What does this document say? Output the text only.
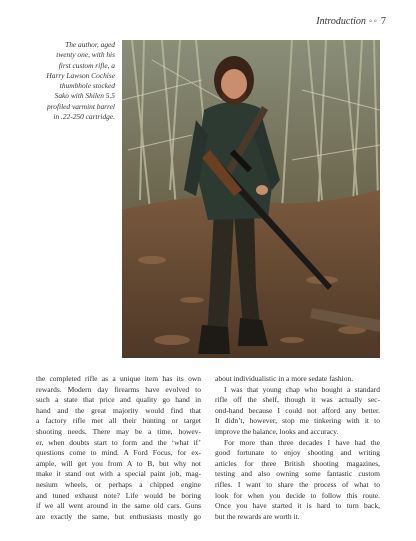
Introduction ◦◦ 7
The author, aged
twenty one, with his
first custom rifle, a
Harry Lawson Cochise
thumbhole stocked
Sako with Shilen 5.5
profiled varmint barrel
in .22-250 cartridge.
the completed rifle as a unique item has its own
rewards. Modern day firearms have evolved to
such a state that price and quality go hand in
hand and the great majority would find that
a factory rifle met all their hunting or target
shooting needs. There may be a time, howev-
er, when doubts start to form and the ‘what if’
questions come to mind. A Ford Focus, for ex-
ample, will get you from A to B, but why not
make it stand out with a special paint job, mag-
nesium wheels, or perhaps a chipped engine
and tuned exhaust note? Life would be boring
if we all went around in the same old cars. Guns
are exactly the same, but enthusiasts mostly go
about individualistic in a more sedate fashion.
I was that young chap who bought a standard
rifle off the shelf, though it was actually sec-
ond-hand because I could not afford any better.
It didn’t, however, stop me tinkering with it to
improve the balance, looks and accuracy.
For more than three decades I have had the
good fortunate to enjoy shooting and writing
articles for three British shooting magazines,
testing and also owning some fantastic custom
rifles. I want to share the process of what to
look for when you decide to follow this route.
Once you have started it is hard to turn back,
but the rewards are worth it.
